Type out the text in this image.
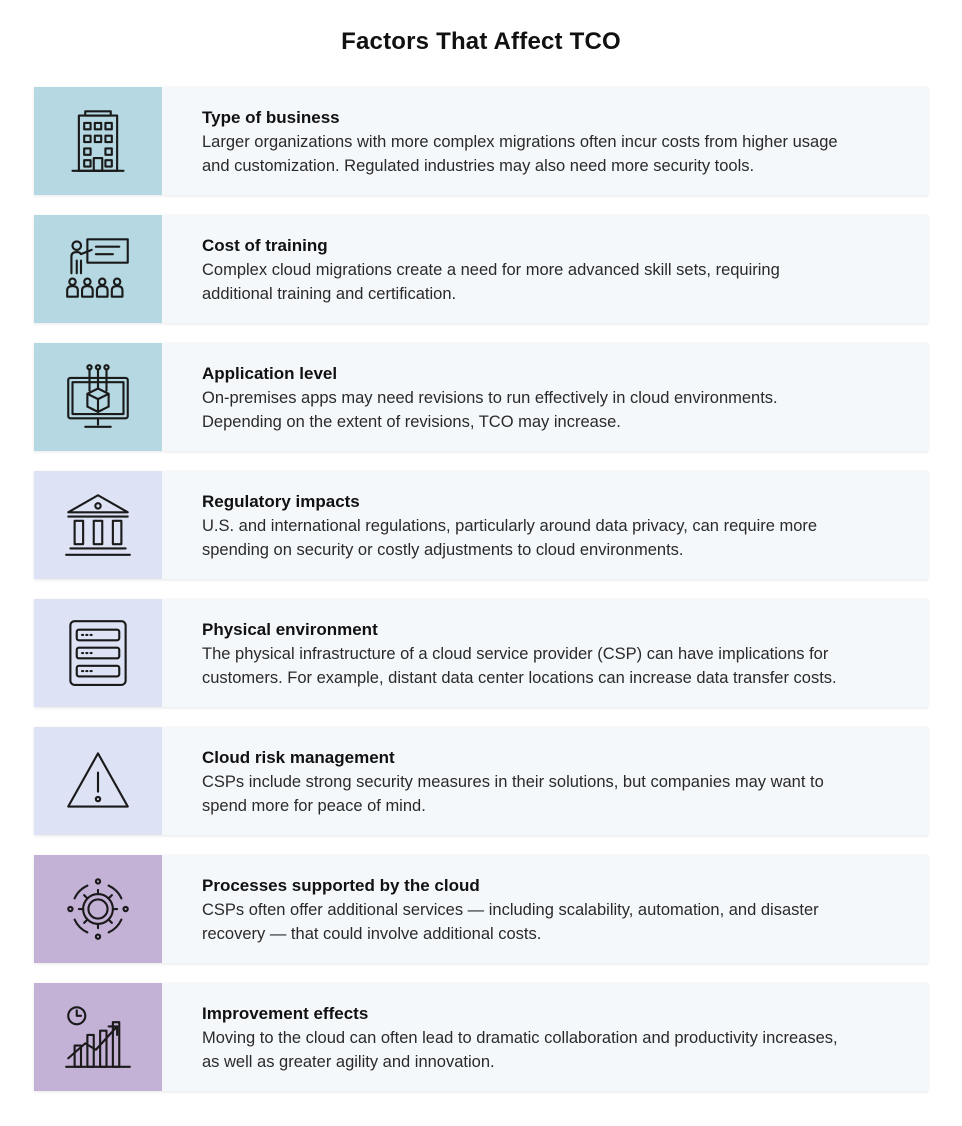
Factors That Affect TCO
Type of business
Larger organizations with more complex migrations often incur costs from higher usage
and customization. Regulated industries may also need more security tools.
Cost of training
Complex cloud migrations create a need for more advanced skill sets, requiring
additional training and certification.
Application level
On-premises apps may need revisions to run effectively in cloud environments.
Depending on the extent of revisions, TCO may increase.
Regulatory impacts
U.S. and international regulations, particularly around data privacy, can require more
spending on security or costly adjustments to cloud environments.
Physical environment
The physical infrastructure of a cloud service provider (CSP) can have implications for
customers. For example, distant data center locations can increase data transfer costs.
Cloud risk management
CSPs include strong security measures in their solutions, but companies may want to
spend more for peace of mind.
Processes supported by the cloud
CSPs often offer additional services — including scalability, automation, and disaster
recovery — that could involve additional costs.
Improvement effects
Moving to the cloud can often lead to dramatic collaboration and productivity increases,
as well as greater agility and innovation.
